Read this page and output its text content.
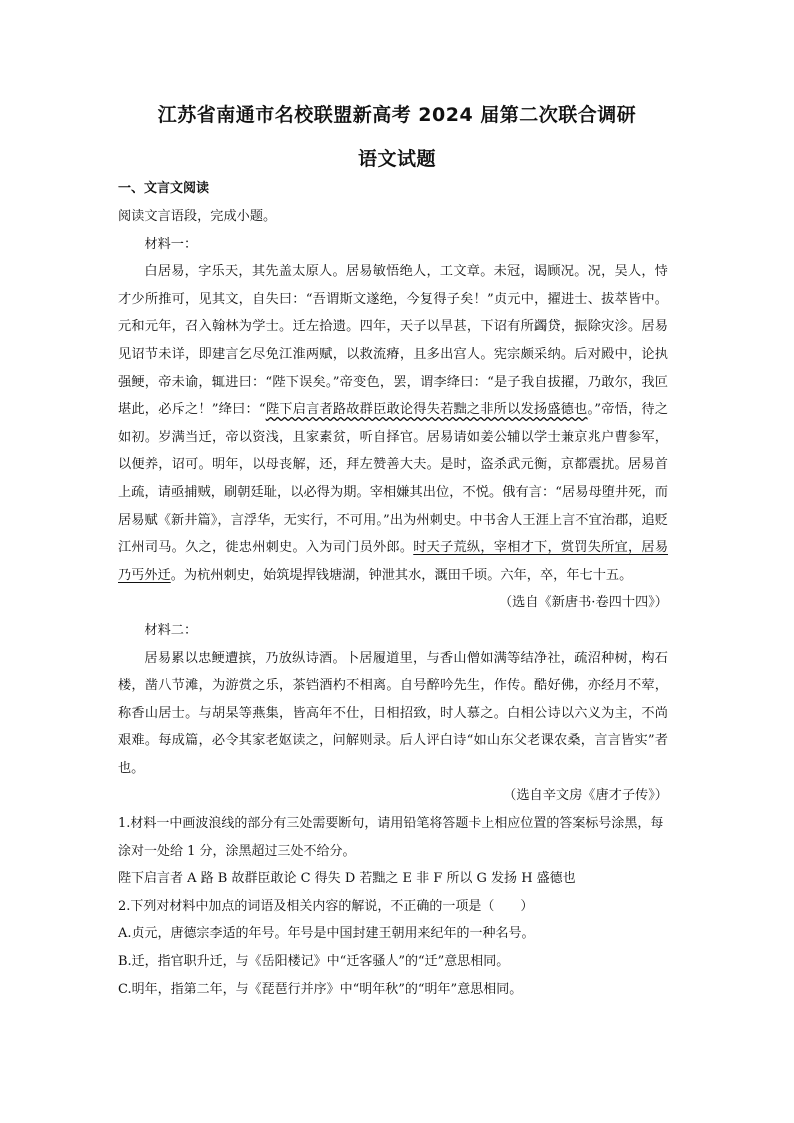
江苏省南通市名校联盟新高考 2024 届第二次联合调研
语文试题

一、文言文阅读

阅读文言语段，完成小题。

材料一：

白居易，字乐天，其先盖太原人。居易敏悟绝人，工文章。未冠，谒顾况。况，吴人，恃才少所推可，见其文，自失曰：“吾谓斯文遂绝，今复得子矣！”贞元中，擢进士、拔萃皆中。元和元年，召入翰林为学士。迁左拾遗。四年，天子以旱甚，下诏有所蠲贷，振除灾沴。居易见诏节未详，即建言乞尽免江淮两赋，以救流瘠，且多出宫人。宪宗颇采纳。后对殿中，论执强鲠，帝未谕，辄进曰：“陛下误矣。”帝变色，罢，谓李绛曰：“是子我自拔擢，乃敢尔，我叵堪此，必斥之！”绛曰：“陛下启言者路故群臣敢论得失若黜之非所以发扬盛德也。”帝悟，待之如初。岁满当迁，帝以资浅，且家素贫，听自择官。居易请如姜公辅以学士兼京兆户曹参军，以便养，诏可。明年，以母丧解，还，拜左赞善大夫。是时，盗杀武元衡，京都震扰。居易首上疏，请亟捕贼，刷朝廷耻，以必得为期。宰相嫌其出位，不悦。俄有言：“居易母堕井死，而居易赋《新井篇》，言浮华，无实行，不可用。”出为州刺史。中书舍人王涯上言不宜治郡，追贬江州司马。久之，徙忠州刺史。入为司门员外郎。时天子荒纵，宰相才下，赏罚失所宜，居易乃丐外迁。为杭州刺史，始筑堤捍钱塘湖，钟泄其水，溉田千顷。六年，卒，年七十五。

（选自《新唐书·卷四十四》）

材料二：

居易累以忠鲠遭摈，乃放纵诗酒。卜居履道里，与香山僧如满等结净社，疏沼种树，构石楼，凿八节滩，为游赏之乐，茶铛酒杓不相离。自号醉吟先生，作传。酷好佛，亦经月不荤，称香山居士。与胡杲等燕集，皆高年不仕，日相招致，时人慕之。白相公诗以六义为主，不尚艰难。每成篇，必令其家老妪读之，问解则录。后人评白诗“如山东父老课农桑，言言皆实”者也。

（选自辛文房《唐才子传》）

1.材料一中画波浪线的部分有三处需要断句，请用铅笔将答题卡上相应位置的答案标号涂黑，每涂对一处给 1 分，涂黑超过三处不给分。

陛下启言者 A 路 B 故群臣敢论 C 得失 D 若黜之 E 非 F 所以 G 发扬 H 盛德也

2.下列对材料中加点的词语及相关内容的解说，不正确的一项是（　　）

A.贞元，唐德宗李适的年号。年号是中国封建王朝用来纪年的一种名号。

B.迁，指官职升迁，与《岳阳楼记》中“迁客骚人”的“迁”意思相同。

C.明年，指第二年，与《琵琶行并序》中“明年秋”的“明年”意思相同。
